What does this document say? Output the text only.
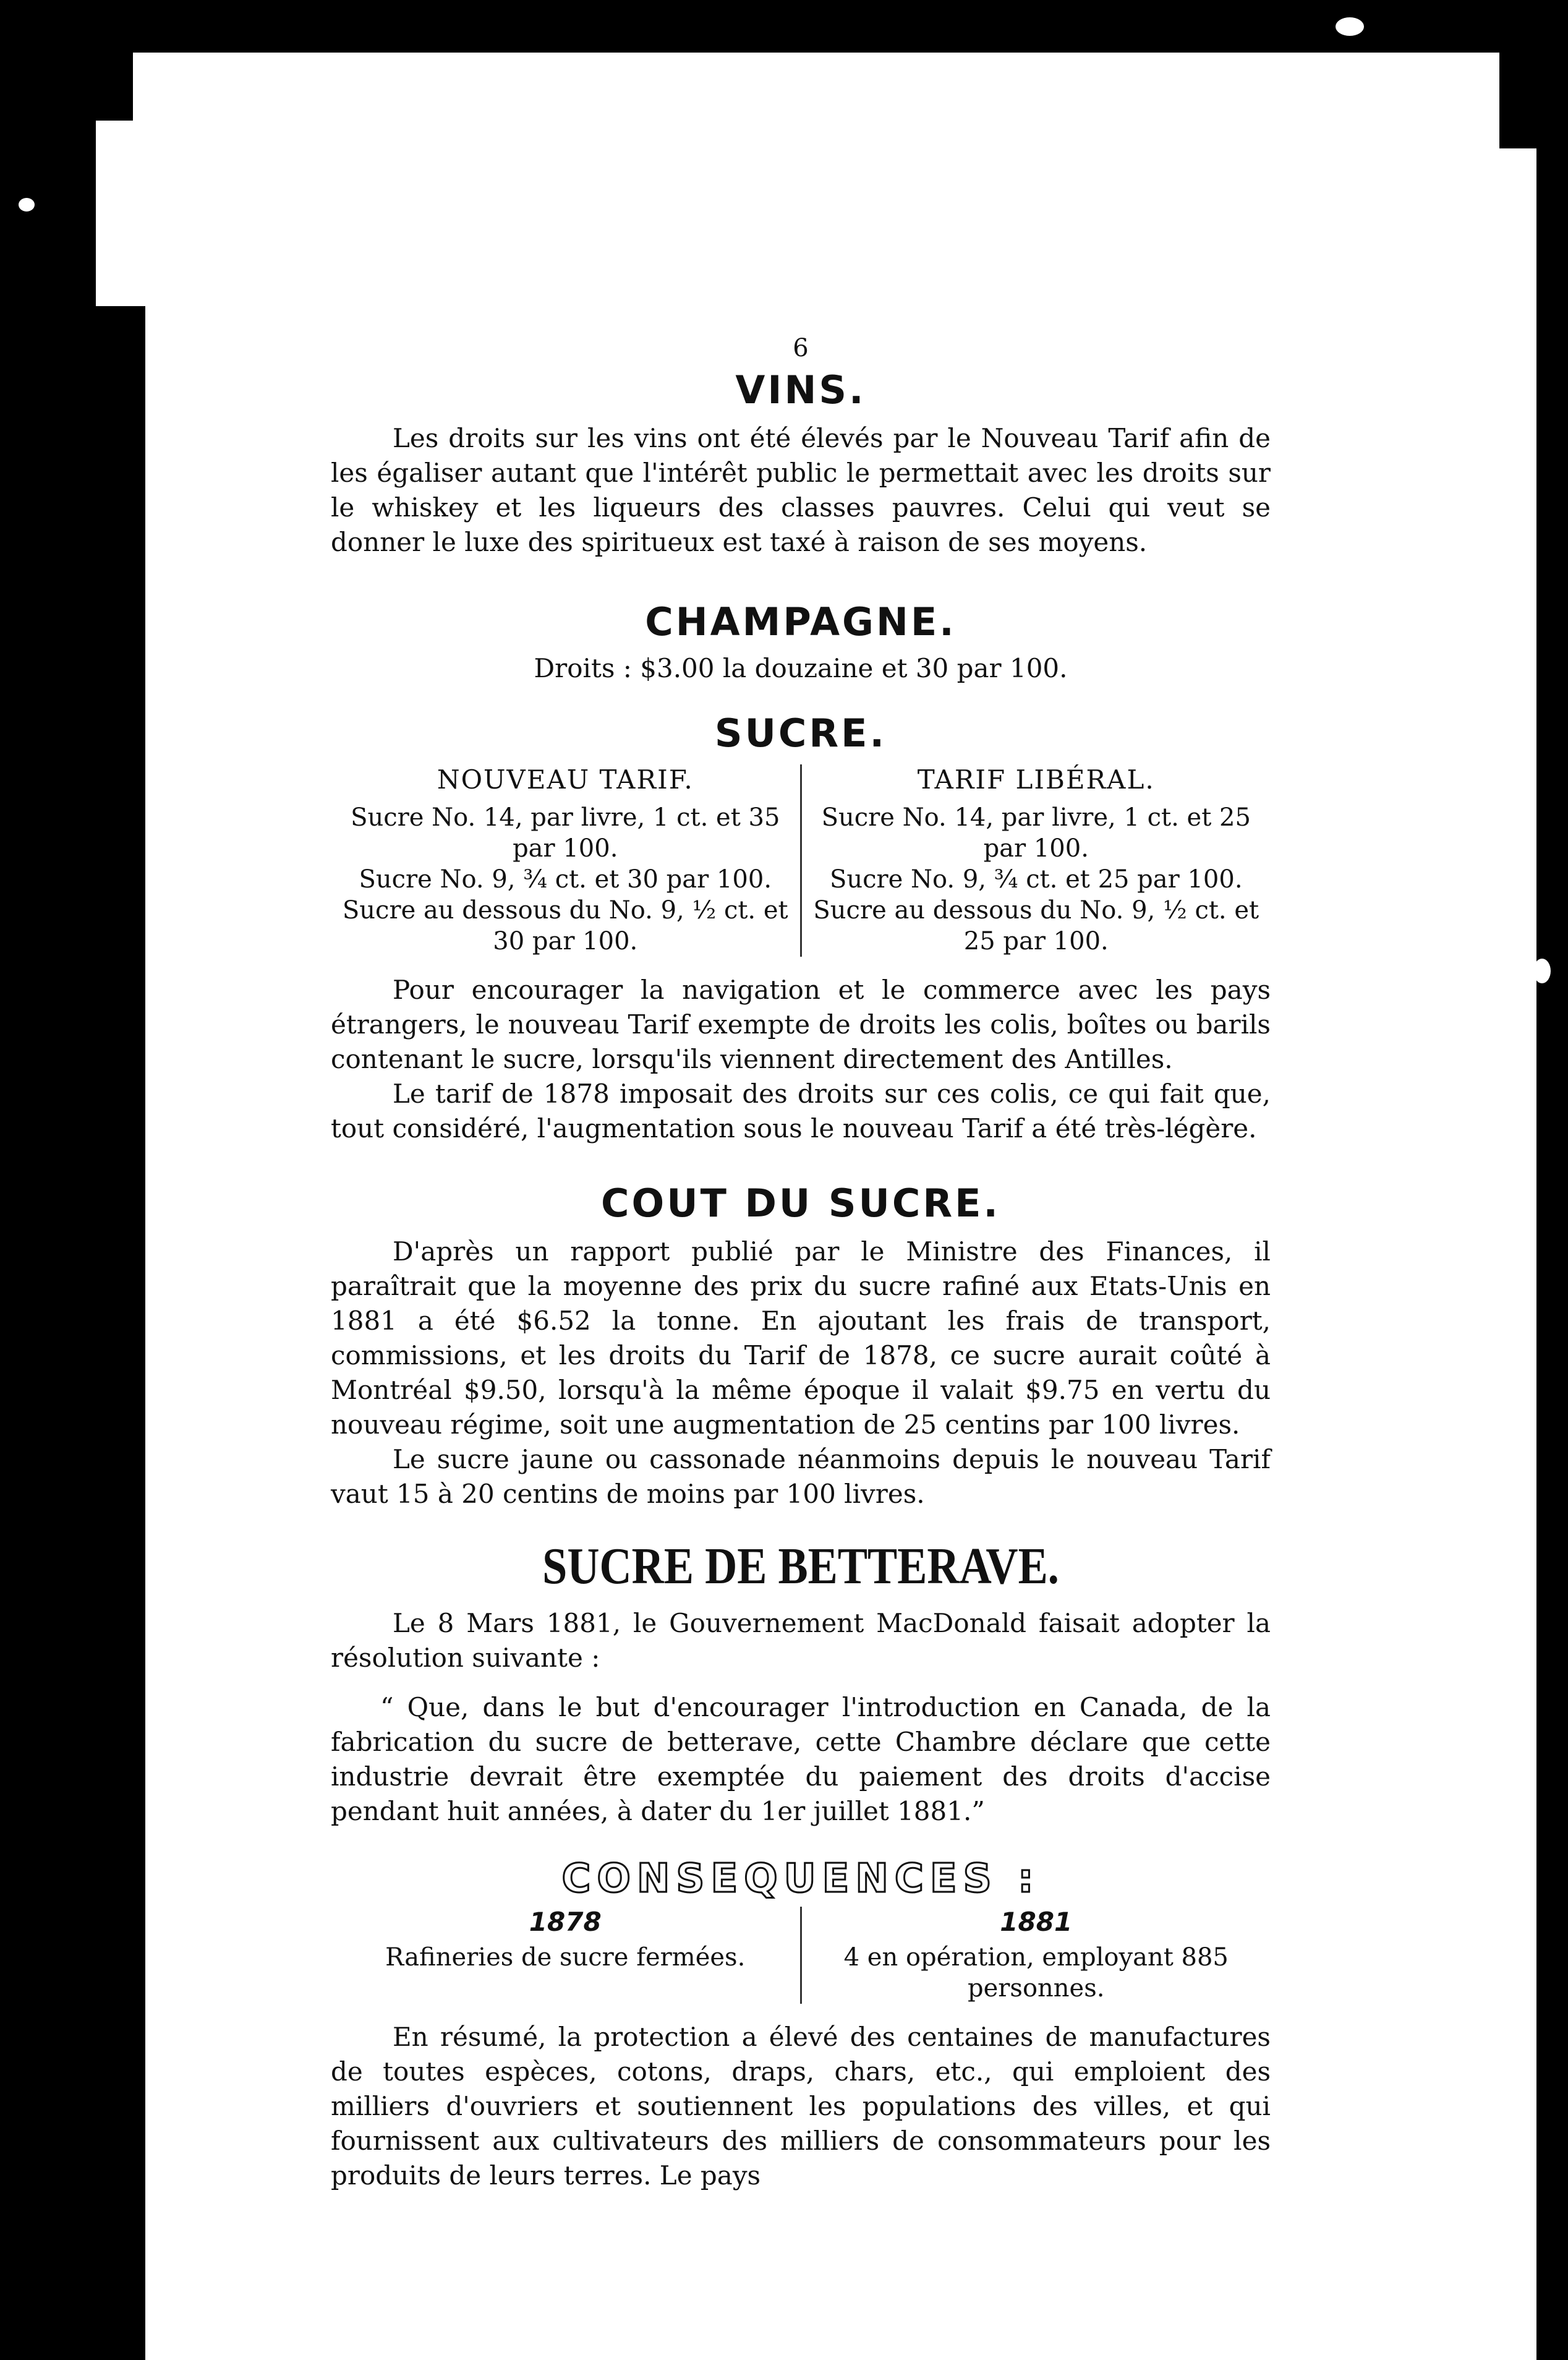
6
VINS.

Les droits sur les vins ont été élevés par le Nouveau Tarif afin de les égaliser autant que l'intérêt public le permettait avec les droits sur le whiskey et les liqueurs des classes pauvres. Celui qui veut se donner le luxe des spiritueux est taxé à raison de ses moyens.

CHAMPAGNE.
Droits : $3.00 la douzaine et 30 par 100.
SUCRE.
NOUVEAU TARIF.
Sucre No. 14, par livre, 1 ct. et 35 par 100.
Sucre No. 9, ¾ ct. et 30 par 100.
Sucre au dessous du No. 9, ½ ct. et 30 par 100.
TARIF LIBÉRAL.
Sucre No. 14, par livre, 1 ct. et 25 par 100.
Sucre No. 9, ¾ ct. et 25 par 100.
Sucre au dessous du No. 9, ½ ct. et 25 par 100.

Pour encourager la navigation et le commerce avec les pays étrangers, le nouveau Tarif exempte de droits les colis, boîtes ou barils contenant le sucre, lorsqu'ils viennent directement des Antilles.

Le tarif de 1878 imposait des droits sur ces colis, ce qui fait que, tout considéré, l'augmentation sous le nouveau Tarif a été très-légère.

COUT DU SUCRE.

D'après un rapport publié par le Ministre des Finances, il paraîtrait que la moyenne des prix du sucre rafiné aux Etats-Unis en 1881 a été $6.52 la tonne. En ajoutant les frais de transport, commissions, et les droits du Tarif de 1878, ce sucre aurait coûté à Montréal $9.50, lorsqu'à la même époque il valait $9.75 en vertu du nouveau régime, soit une augmentation de 25 centins par 100 livres.

Le sucre jaune ou cassonade néanmoins depuis le nouveau Tarif vaut 15 à 20 centins de moins par 100 livres.

SUCRE DE BETTERAVE.

Le 8 Mars 1881, le Gouvernement MacDonald faisait adopter la résolution suivante :

“ Que, dans le but d'encourager l'introduction en Canada, de la fabrication du sucre de betterave, cette Chambre déclare que cette industrie devrait être exemptée du paiement des droits d'accise pendant huit années, à dater du 1er juillet 1881.”

CONSEQUENCES :
1878
Rafineries de sucre fermées.
1881
4 en opération, employant 885 personnes.

En résumé, la protection a élevé des centaines de manufactures de toutes espèces, cotons, draps, chars, etc., qui emploient des milliers d'ouvriers et soutiennent les populations des villes, et qui fournissent aux cultivateurs des milliers de consommateurs pour les produits de leurs terres. Le pays
